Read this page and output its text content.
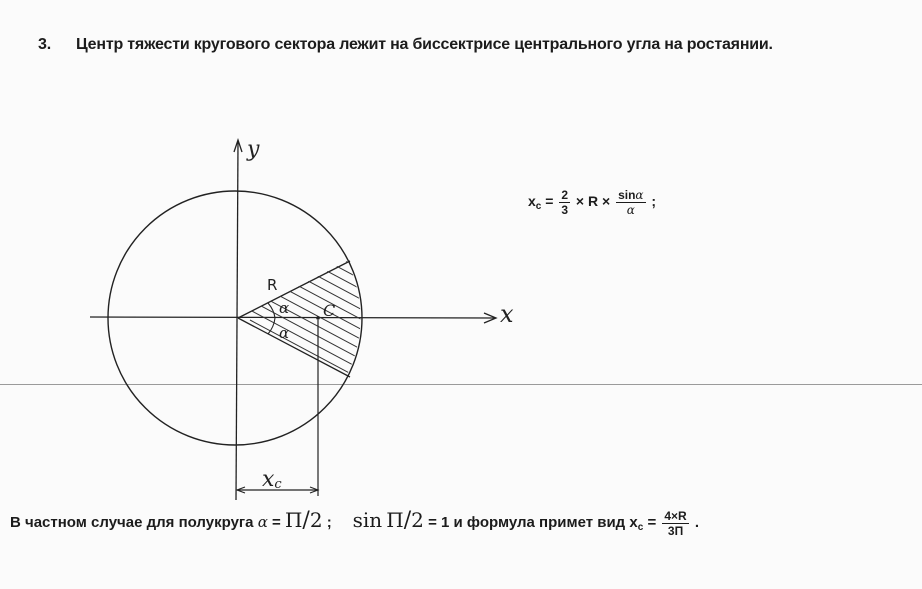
3. Центр тяжести кругового сектора лежит на биссектрисе центрального угла на ростаянии.
y
x
R
α
α
C
xc
$x_c = \frac{2}{3} \times R \times \frac{\sin\alpha}{\alpha}$ ;
В частном случае для полукруга α = Π/2 ; sin Π/2 = 1 и формула примет вид $x_c = \frac{4\times R}{3П}$ .
